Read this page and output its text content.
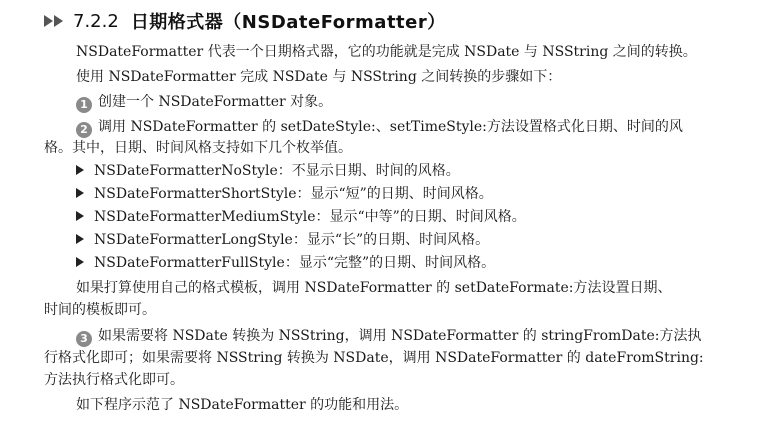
7.2.2 日期格式器（NSDateFormatter）
NSDateFormatter 代表一个日期格式器，它的功能就是完成 NSDate 与 NSString 之间的转换。
使用 NSDateFormatter 完成 NSDate 与 NSString 之间转换的步骤如下：
1 创建一个 NSDateFormatter 对象。
2 调用 NSDateFormatter 的 setDateStyle:、setTimeStyle:方法设置格式化日期、时间的风
格。其中，日期、时间风格支持如下几个枚举值。
NSDateFormatterNoStyle：不显示日期、时间的风格。
NSDateFormatterShortStyle：显示“短”的日期、时间风格。
NSDateFormatterMediumStyle：显示“中等”的日期、时间风格。
NSDateFormatterLongStyle：显示“长”的日期、时间风格。
NSDateFormatterFullStyle：显示“完整”的日期、时间风格。
如果打算使用自己的格式模板，调用 NSDateFormatter 的 setDateFormate:方法设置日期、
时间的模板即可。
3 如果需要将 NSDate 转换为 NSString，调用 NSDateFormatter 的 stringFromDate:方法执
行格式化即可；如果需要将 NSString 转换为 NSDate，调用 NSDateFormatter 的 dateFromString:
方法执行格式化即可。
如下程序示范了 NSDateFormatter 的功能和用法。
